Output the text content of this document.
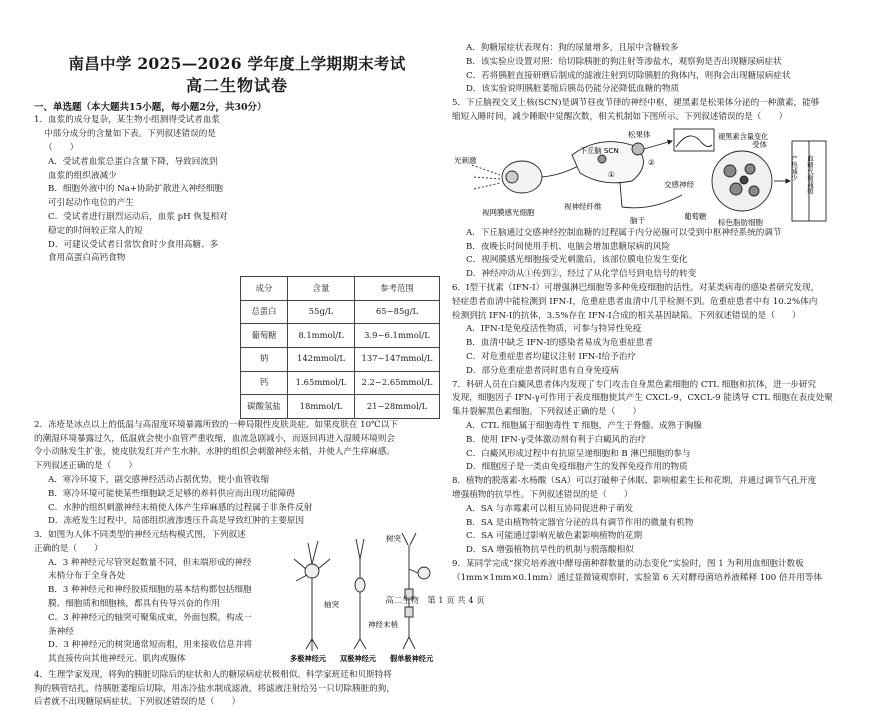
南昌中学 2025—2026 学年度上学期期末考试
高二生物试卷
一、单选题（本大题共15小题，每小题2分，共30分）

1．血浆的成分复杂，某生物小组测得受试者血浆

中部分成分的含量如下表。下列叙述错误的是

（　　）

A．受试者血浆总蛋白含量下降，导致回流到

血浆的组织液减少

B．细胞外液中的 Na+协助扩散进入神经细胞

可引起动作电位的产生

C．受试者进行剧烈运动后，血浆 pH 恢复相对

稳定的时间较正常人的短

D．可建议受试者日常饮食时少食用高糖、多

食用高蛋白高钙食物

成分	含量	参考范围
总蛋白	55g/L	65~85g/L
葡萄糖	8.1mmol/L	3.9~6.1mmol/L
钠	142mmol/L	137~147mmol/L
钙	1.65mmol/L	2.2~2.65mmol/L
碳酸氢盐	18mmol/L	21~28mmol/L

2．冻疮是冰点以上的低温与高湿度环境暴露所致的一种局限性皮肤炎症。如果皮肤在 10℃以下

的潮湿环境暴露过久，低温就会使小血管严重收缩，血流急剧减小，而返回再进入湿暖环境则会

令小动脉发生扩张，使皮肤发红并产生水肿。水肿的组织会刺激神经末梢，并使人产生痒麻感。

下列叙述正确的是（　　）

A．寒冷环境下，副交感神经活动占据优势，使小血管收缩

B．寒冷环境可能使某些细胞缺乏足够的养料供应而出现功能障碍

C．水肿的组织刺激神经末梢使人体产生痒麻感的过程属于非条件反射

D．冻疮发生过程中，局部组织液渗透压升高是导致红肿的主要原因

3．如图为人体不同类型的神经元结构模式图，下列叙述

正确的是（　　）

A．3 种神经元尽管突起数量不同，但末端形成的神经

末梢分布于全身各处

B．3 种神经元和神经胶质细胞的基本结构都包括细胞

膜、细胞质和细胞核，都具有传导兴奋的作用

C．3 种神经元的轴突可聚集成束，外面包膜，构成一

条神经

D．3 种神经元的树突通常短而粗，用来接收信息并将

其直接传向其他神经元、肌肉或腺体

树突
轴突
神经末梢
多极神经元 双极神经元 假单极神经元

4．生理学家发现，将狗的胰脏切除后的症状和人的糖尿病症状极相似。科学家班廷和贝斯特将

狗的胰管结扎，待胰脏萎缩后切除，用冻冷盐水制成滤液，将滤液注射给另一只切除胰脏的狗，

后者就不出现糖尿病症状。下列叙述错误的是（　　）

A．狗糖尿症状表现有：狗的尿量增多，且尿中含糖较多

B．该实验应设置对照：给切除胰脏的狗注射等渗盐水，观察狗是否出现糖尿病症状

C．若将胰脏直接研磨后制成的滤液注射到切除胰脏的狗体内，则狗会出现糖尿病症状

D．该实验说明胰脏萎缩后胰岛仍能分泌降低血糖的物质

5．下丘脑视交叉上核(SCN)是调节昼夜节律的神经中枢，褪黑素是松果体分泌的一种激素，能够

缩短入睡时间，减少睡眠中觉醒次数，相关机制如下图所示。下列叙述错误的是（　　）

光刺激
视网膜感光细胞
视神经纤维
下丘脑 SCN
松果体	褪黑素含量变化
①
②
脑干
交感神经
受体
葡萄糖
棕色脂肪细胞
产热减少 血糖代谢减缓

A．下丘脑通过交感神经控制血糖的过程属于内分泌腺可以受到中枢神经系统的调节

B．夜晚长时间使用手机、电脑会增加患糖尿病的风险

C．视网膜感光细胞接受光刺激后，该部位膜电位发生变化

D．神经冲动从①传到②，经过了从化学信号到电信号的转变

6．Ⅰ型干扰素（IFN-Ⅰ）可增强淋巴细胞等多种免疫细胞的活性。对某类病毒的感染者研究发现，

轻症患者血清中能检测到 IFN-Ⅰ，危重症患者血清中几乎检测不到。危重症患者中有 10.2%体内

检测到抗 IFN-Ⅰ的抗体，3.5%存在 IFN-Ⅰ合成的相关基因缺陷。下列叙述错误的是（　　）

A．IFN-Ⅰ是免疫活性物质，可参与特异性免疫

B．血清中缺乏 IFN-Ⅰ的感染者易成为危重症患者

C．对危重症患者均建议注射 IFN-Ⅰ给予治疗

D．部分危重症患者同时患有自身免疫病

7．科研人员在白癜风患者体内发现了专门攻击自身黑色素细胞的 CTL 细胞和抗体，进一步研究

发现，细胞因子 IFN-γ可作用于表皮细胞使其产生 CXCL-9，CXCL-9 能诱导 CTL 细胞在表皮处聚

集并裂解黑色素细胞。下列叙述正确的是（　　）

A．CTL 细胞属于细胞毒性 T 细胞，产生于脊髓、成熟于胸腺

B．使用 IFN-γ受体激动剂有利于白癜风的治疗

C．白癜风形成过程中有抗原呈递细胞和 B 淋巴细胞的参与

D．细胞因子是一类由免疫细胞产生的发挥免疫作用的物质

8．植物的脱落素-水杨酸（SA）可以打破种子休眠、影响根素生长和花期，并通过调节气孔开度

增强植物的抗旱性。下列叙述错误的是（　　）

A．SA 与赤霉素可以相互协同促进种子萌发

B．SA 是由植物特定器官分泌的具有调节作用的微量有机物

C．SA 可能通过影响光敏色素影响植物的花期

D．SA 增强植物抗旱性的机制与脱落酸相似

9．某同学完成“探究培养液中酵母菌种群数量的动态变化”实验时，图 1 为利用血细胞计数板

（1mm×1mm×0.1mm）通过显微镜观察时，实验第 6 天对酵母菌培养液稀释 100 倍并用等体

高二生物　第 1 页 共 4 页
